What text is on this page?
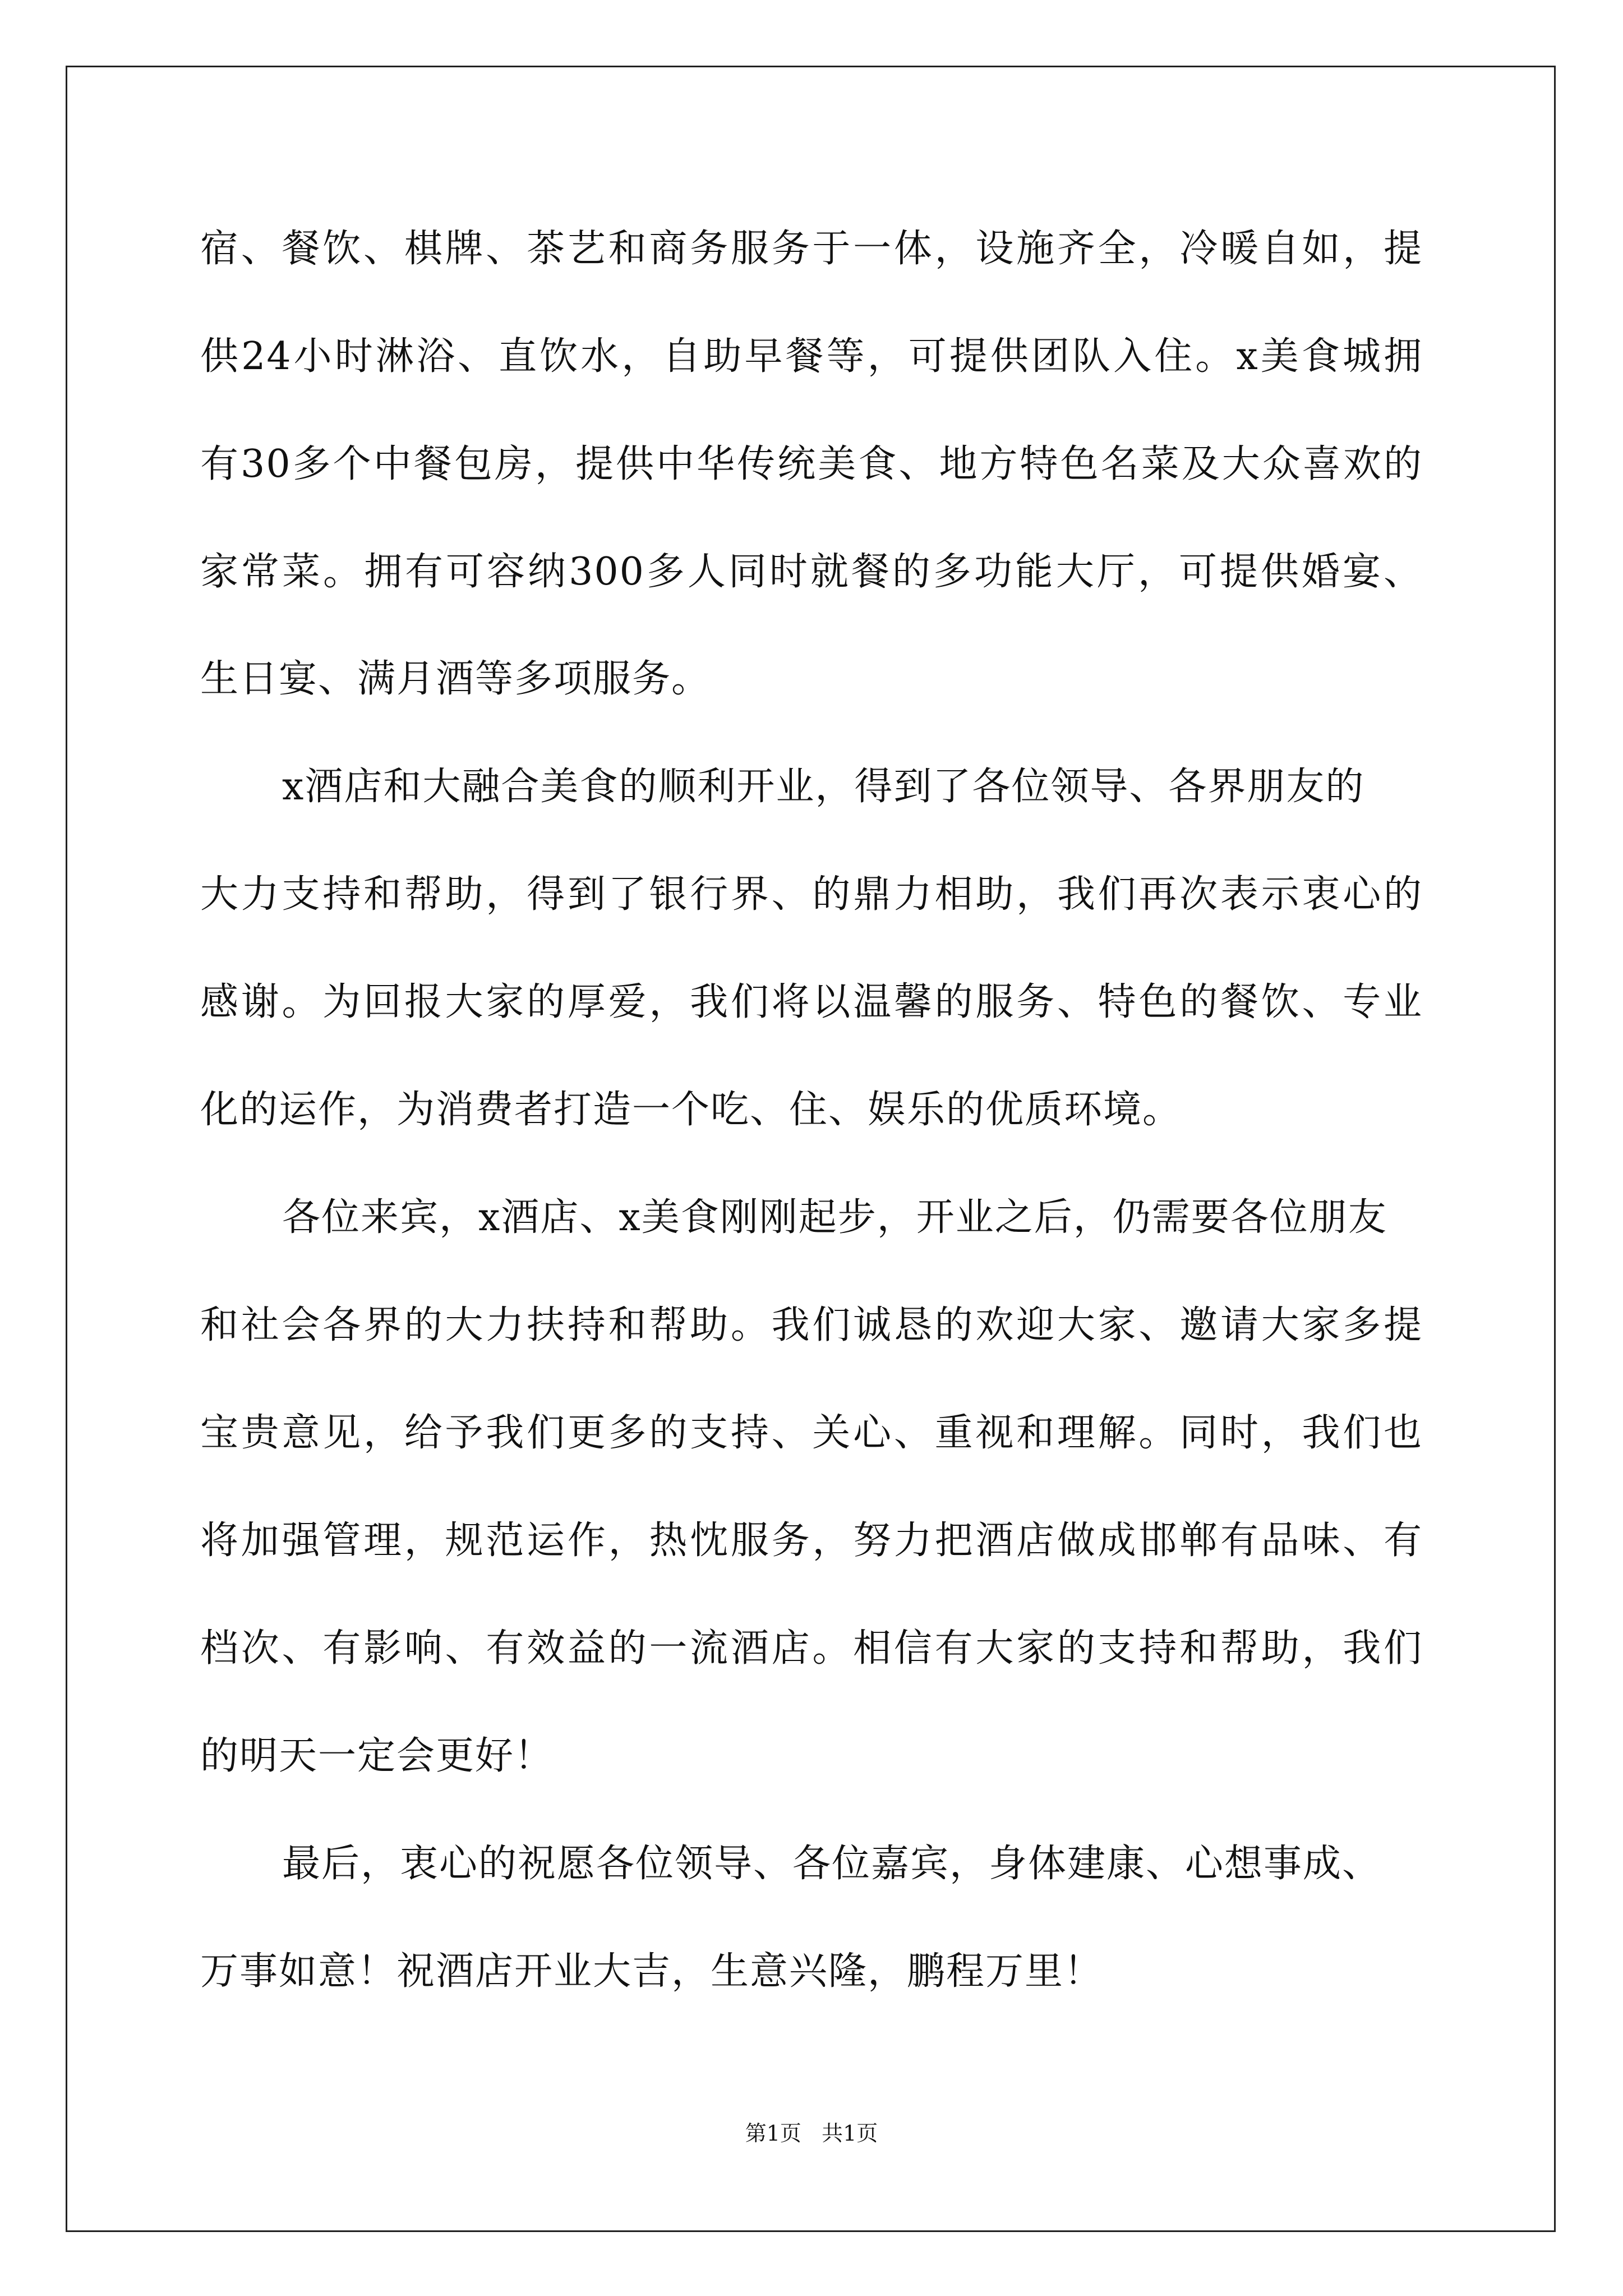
宿、餐饮、棋牌、茶艺和商务服务于一体，设施齐全，冷暖自如，提
供24小时淋浴、直饮水，自助早餐等，可提供团队入住。x美食城拥
有30多个中餐包房，提供中华传统美食、地方特色名菜及大众喜欢的
家常菜。拥有可容纳300多人同时就餐的多功能大厅，可提供婚宴、
生日宴、满月酒等多项服务。
x酒店和大融合美食的顺利开业，得到了各位领导、各界朋友的
大力支持和帮助，得到了银行界、的鼎力相助，我们再次表示衷心的
感谢。为回报大家的厚爱，我们将以温馨的服务、特色的餐饮、专业
化的运作，为消费者打造一个吃、住、娱乐的优质环境。
各位来宾，x酒店、x美食刚刚起步，开业之后，仍需要各位朋友
和社会各界的大力扶持和帮助。我们诚恳的欢迎大家、邀请大家多提
宝贵意见，给予我们更多的支持、关心、重视和理解。同时，我们也
将加强管理，规范运作，热忱服务，努力把酒店做成邯郸有品味、有
档次、有影响、有效益的一流酒店。相信有大家的支持和帮助，我们
的明天一定会更好！
最后，衷心的祝愿各位领导、各位嘉宾，身体建康、心想事成、
万事如意！祝酒店开业大吉，生意兴隆，鹏程万里！
第1页   共1页
